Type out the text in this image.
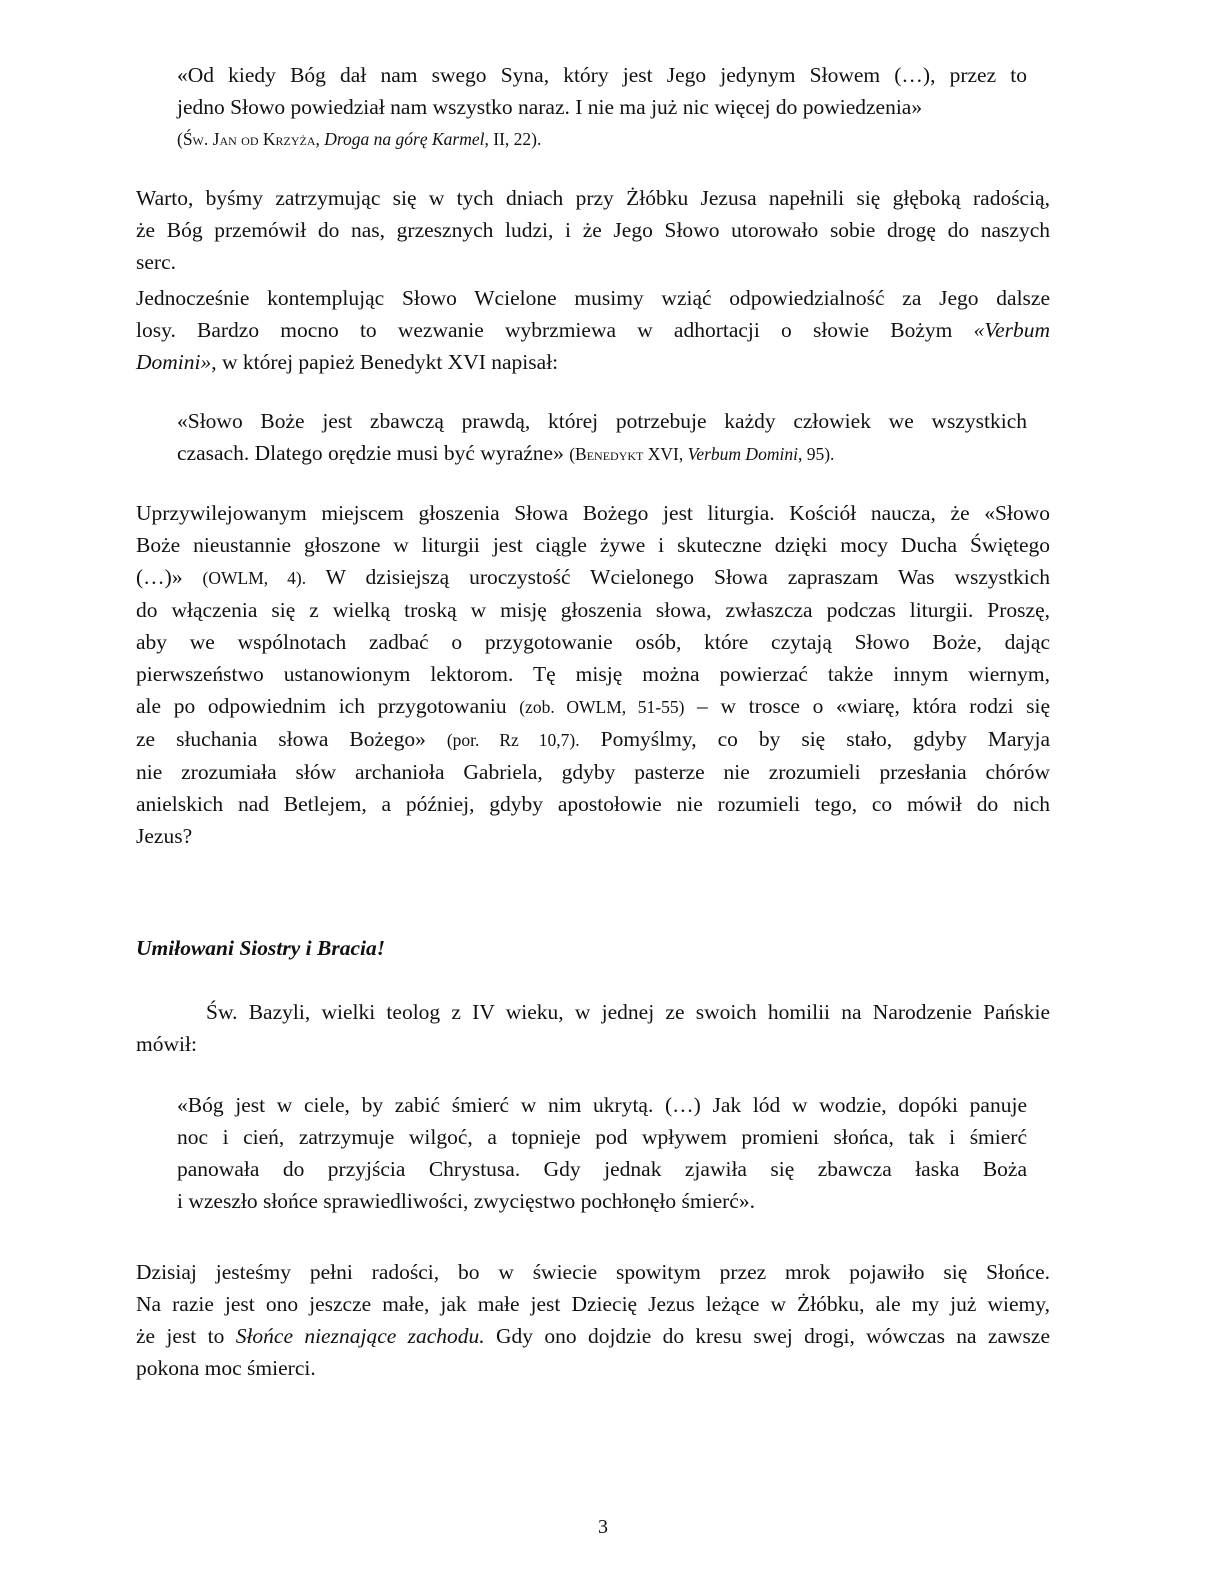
«Od kiedy Bóg dał nam swego Syna, który jest Jego jedynym Słowem (…), przez to
jedno Słowo powiedział nam wszystko naraz. I nie ma już nic więcej do powiedzenia»
(Św. Jan od Krzyża, Droga na górę Karmel, II, 22).
Warto, byśmy zatrzymując się w tych dniach przy Żłóbku Jezusa napełnili się głęboką radością,
że Bóg przemówił do nas, grzesznych ludzi, i że Jego Słowo utorowało sobie drogę do naszych
serc.
Jednocześnie kontemplując Słowo Wcielone musimy wziąć odpowiedzialność za Jego dalsze
losy. Bardzo mocno to wezwanie wybrzmiewa w adhortacji o słowie Bożym «Verbum
Domini», w której papież Benedykt XVI napisał:
«Słowo Boże jest zbawczą prawdą, której potrzebuje każdy człowiek we wszystkich
czasach. Dlatego orędzie musi być wyraźne» (Benedykt XVI, Verbum Domini, 95).
Uprzywilejowanym miejscem głoszenia Słowa Bożego jest liturgia. Kościół naucza, że «Słowo
Boże nieustannie głoszone w liturgii jest ciągle żywe i skuteczne dzięki mocy Ducha Świętego
(…)» (OWLM, 4). W dzisiejszą uroczystość Wcielonego Słowa zapraszam Was wszystkich
do włączenia się z wielką troską w misję głoszenia słowa, zwłaszcza podczas liturgii. Proszę,
aby we wspólnotach zadbać o przygotowanie osób, które czytają Słowo Boże, dając
pierwszeństwo ustanowionym lektorom. Tę misję można powierzać także innym wiernym,
ale po odpowiednim ich przygotowaniu (zob. OWLM, 51-55) – w trosce o «wiarę, która rodzi się
ze słuchania słowa Bożego» (por. Rz 10,7). Pomyślmy, co by się stało, gdyby Maryja
nie zrozumiała słów archanioła Gabriela, gdyby pasterze nie zrozumieli przesłania chórów
anielskich nad Betlejem, a później, gdyby apostołowie nie rozumieli tego, co mówił do nich
Jezus?
Umiłowani Siostry i Bracia!
Św. Bazyli, wielki teolog z IV wieku, w jednej ze swoich homilii na Narodzenie Pańskie
mówił:
«Bóg jest w ciele, by zabić śmierć w nim ukrytą. (…) Jak lód w wodzie, dopóki panuje
noc i cień, zatrzymuje wilgoć, a topnieje pod wpływem promieni słońca, tak i śmierć
panowała do przyjścia Chrystusa. Gdy jednak zjawiła się zbawcza łaska Boża
i wzeszło słońce sprawiedliwości, zwycięstwo pochłonęło śmierć».
Dzisiaj jesteśmy pełni radości, bo w świecie spowitym przez mrok pojawiło się Słońce.
Na razie jest ono jeszcze małe, jak małe jest Dziecię Jezus leżące w Żłóbku, ale my już wiemy,
że jest to Słońce nieznające zachodu. Gdy ono dojdzie do kresu swej drogi, wówczas na zawsze
pokona moc śmierci.
3
